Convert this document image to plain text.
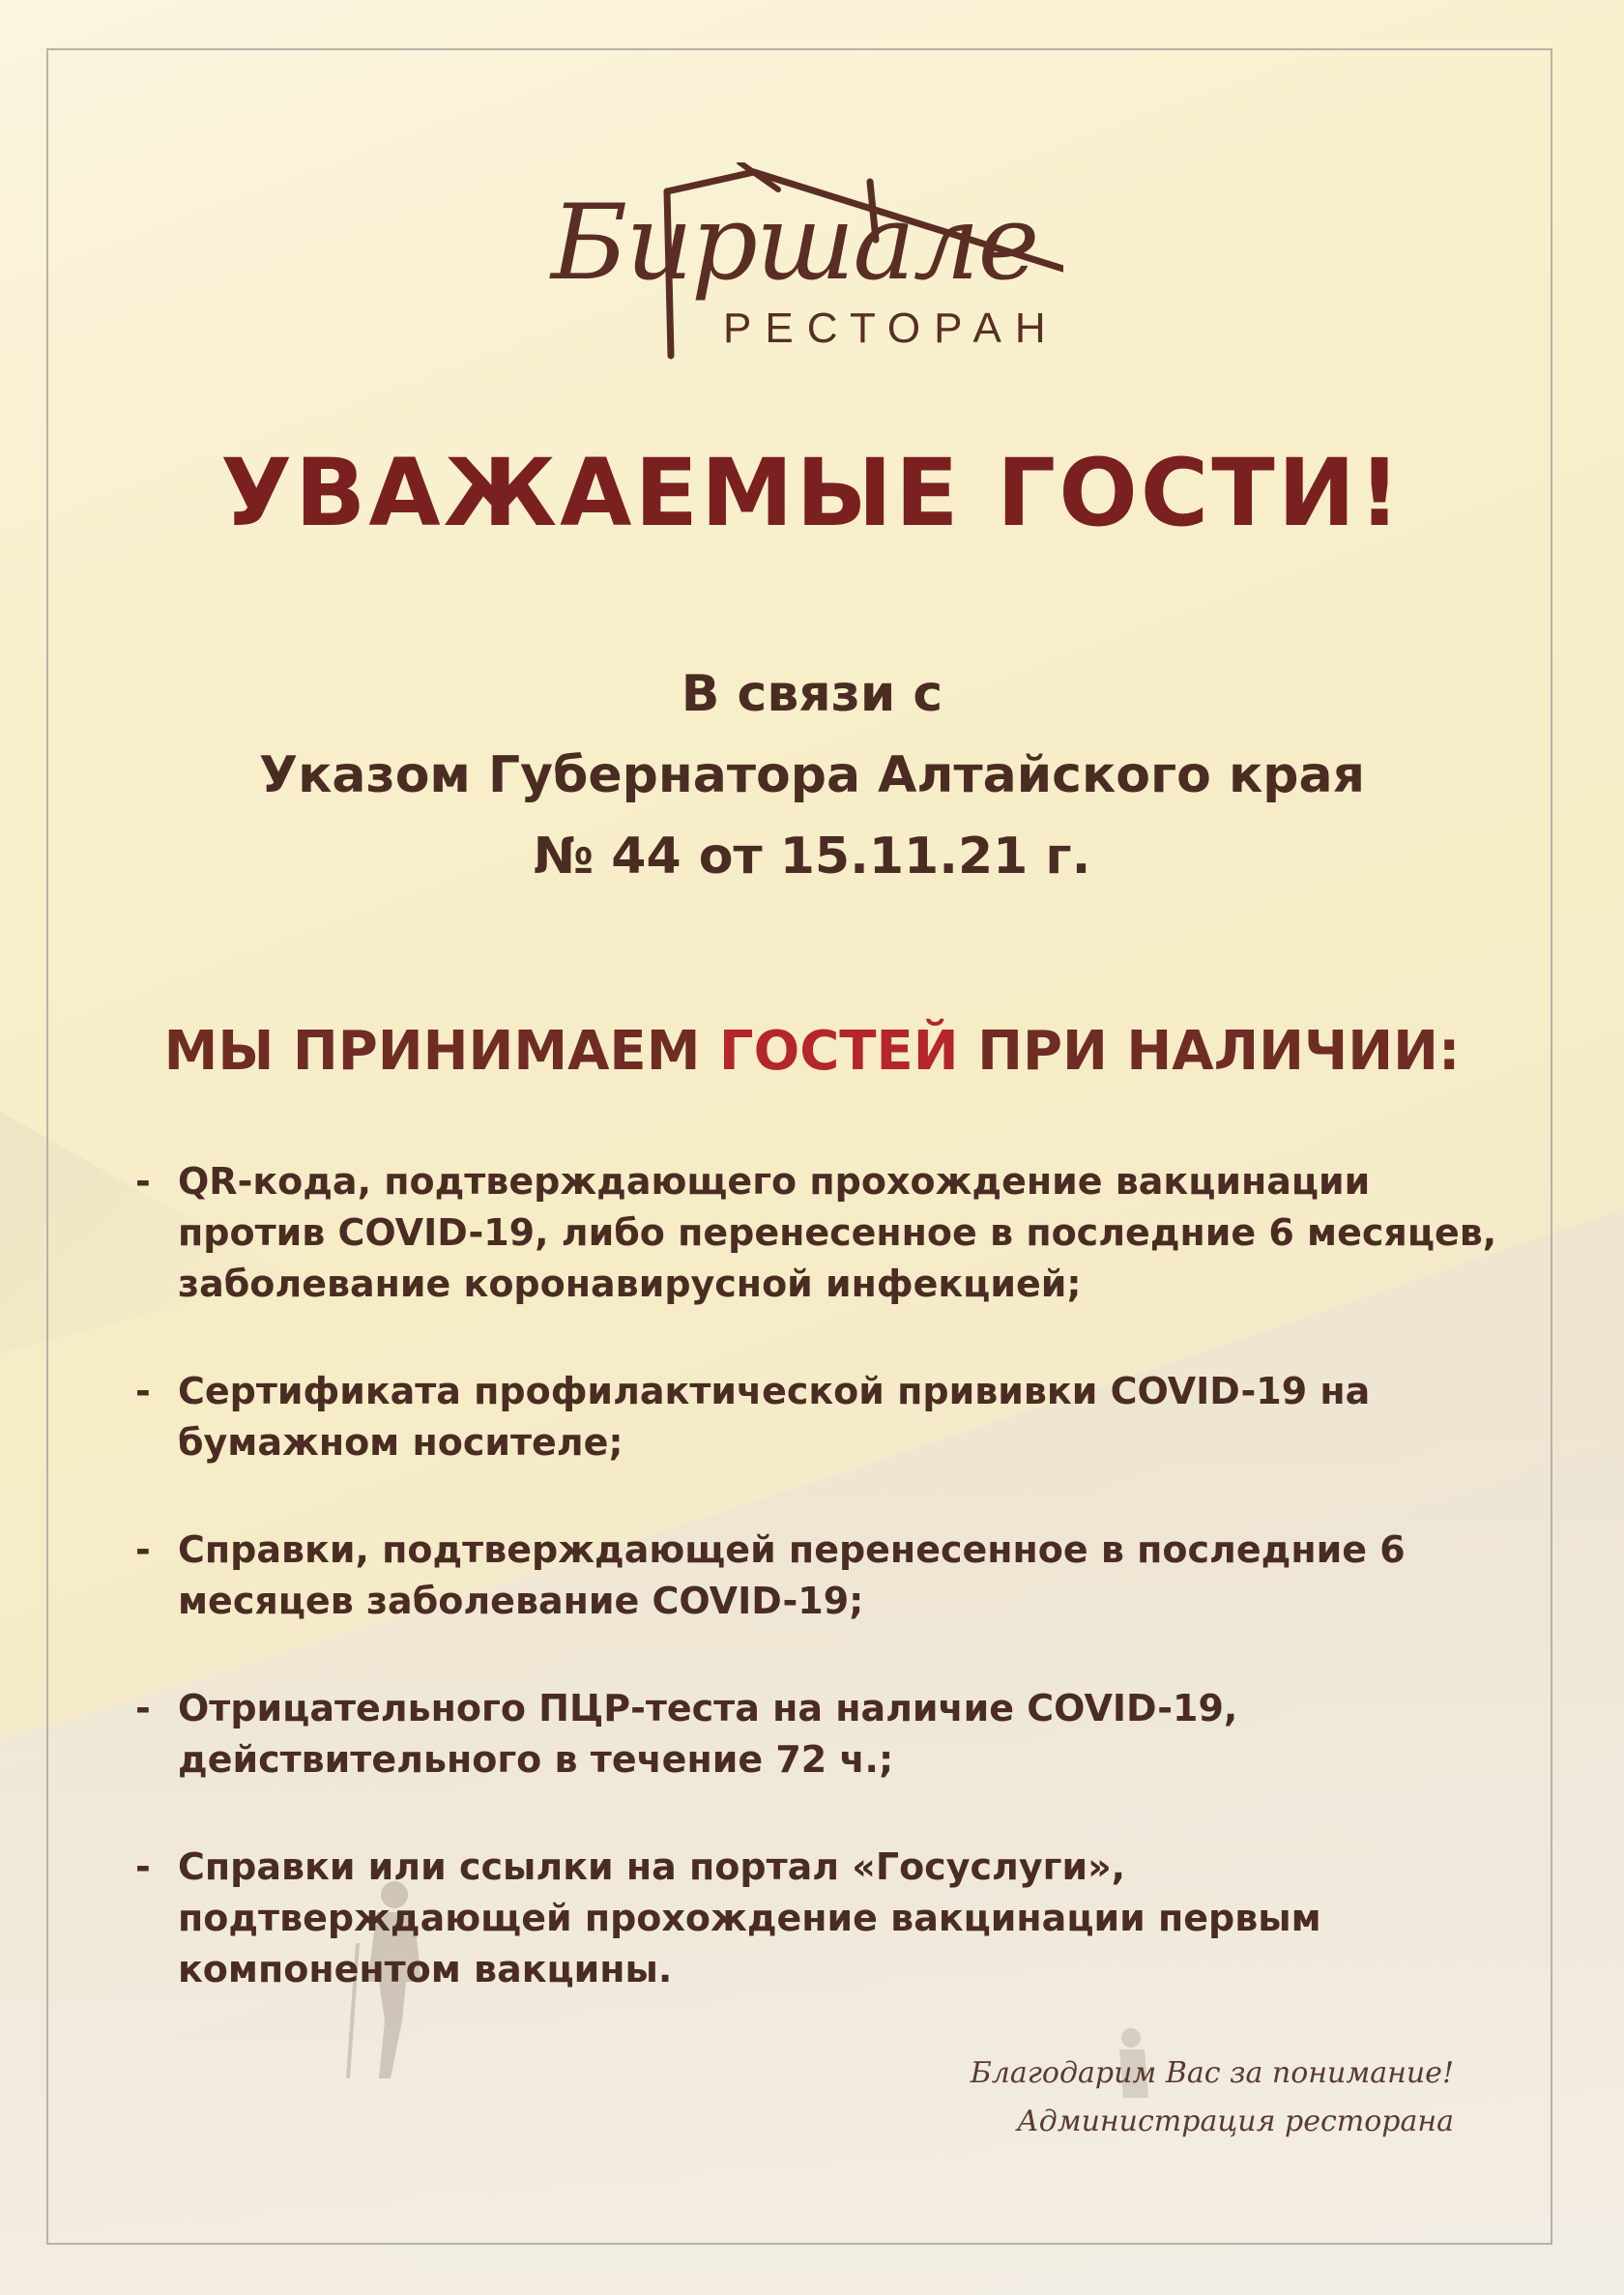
Биршале
РЕСТОРАН
УВАЖАЕМЫЕ ГОСТИ!
В связи с
Указом Губернатора Алтайского края
№ 44 от 15.11.21 г.
МЫ ПРИНИМАЕМ ГОСТЕЙ ПРИ НАЛИЧИИ:
- QR-кода, подтверждающего прохождение вакцинации против COVID-19, либо перенесенное в последние 6 месяцев, заболевание коронавирусной инфекцией;
- Сертификата профилактической прививки COVID-19 на бумажном носителе;
- Справки, подтверждающей перенесенное в последние 6 месяцев заболевание COVID-19;
- Отрицательного ПЦР-теста на наличие COVID-19, действительного в течение 72 ч.;
- Справки или ссылки на портал «Госуслуги», подтверждающей прохождение вакцинации первым компонентом вакцины.
Благодарим Вас за понимание!
Администрация ресторана
